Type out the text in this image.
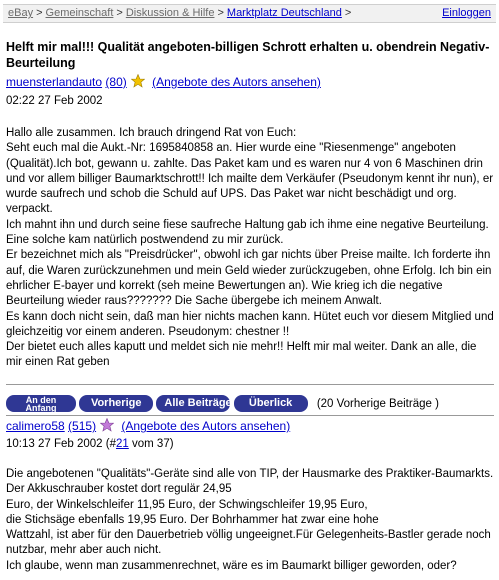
eBay > Gemeinschaft > Diskussion & Hilfe > Marktplatz Deutschland >	Einloggen
Helft mir mal!!! Qualität angeboten-billigen Schrott erhalten u. obendrein Negativ-Beurteilung
muensterlandauto (80) (Angebote des Autors ansehen)
02:22 27 Feb 2002

Hallo alle zusammen. Ich brauch dringend Rat von Euch:

Seht euch mal die Aukt.-Nr: 1695840858 an. Hier wurde eine "Riesenmenge" angeboten (Qualität).Ich bot, gewann u. zahlte. Das Paket kam und es waren nur 4 von 6 Maschinen drin und vor allem billiger Baumarktschrott!! Ich mailte dem Verkäufer (Pseudonym kennt ihr nun), er wurde saufrech und schob die Schuld auf UPS. Das Paket war nicht beschädigt und org. verpackt.

Ich mahnt ihn und durch seine fiese saufreche Haltung gab ich ihme eine negative Beurteilung. Eine solche kam natürlich postwendend zu mir zurück.

Er bezeichnet mich als "Preisdrücker", obwohl ich gar nichts über Preise mailte. Ich forderte ihn auf, die Waren zurückzunehmen und mein Geld wieder zurückzugeben, ohne Erfolg. Ich bin ein ehrlicher E-bayer und korrekt (seh meine Bewertungen an). Wie krieg ich die negative Beurteilung wieder raus??????? Die Sache übergebe ich meinem Anwalt.

Es kann doch nicht sein, daß man hier nichts machen kann. Hütet euch vor diesem Mitglied und gleichzeitig vor einem anderen. Pseudonym: chestner !!

Der bietet euch alles kaputt und meldet sich nie mehr!! Helft mir mal weiter. Dank an alle, die mir einen Rat geben

An den
Anfang	Vorherige Alle Beiträge Überlick (20 Vorherige Beiträge )
calimero58 (515) (Angebote des Autors ansehen)
10:13 27 Feb 2002 (#21 vom 37)

Die angebotenen "Qualitäts"-Geräte sind alle von TIP, der Hausmarke des Praktiker-Baumarkts. Der Akkuschrauber kostet dort regulär 24,95

Euro, der Winkelschleifer 11,95 Euro, der Schwingschleifer 19,95 Euro,

die Stichsäge ebenfalls 19,95 Euro. Der Bohrhammer hat zwar eine hohe

Wattzahl, ist aber für den Dauerbetrieb völlig ungeeignet.Für Gelegenheits-Bastler gerade noch nutzbar, mehr aber auch nicht.

Ich glaube, wenn man zusammenrechnet, wäre es im Baumarkt billiger geworden, oder?
